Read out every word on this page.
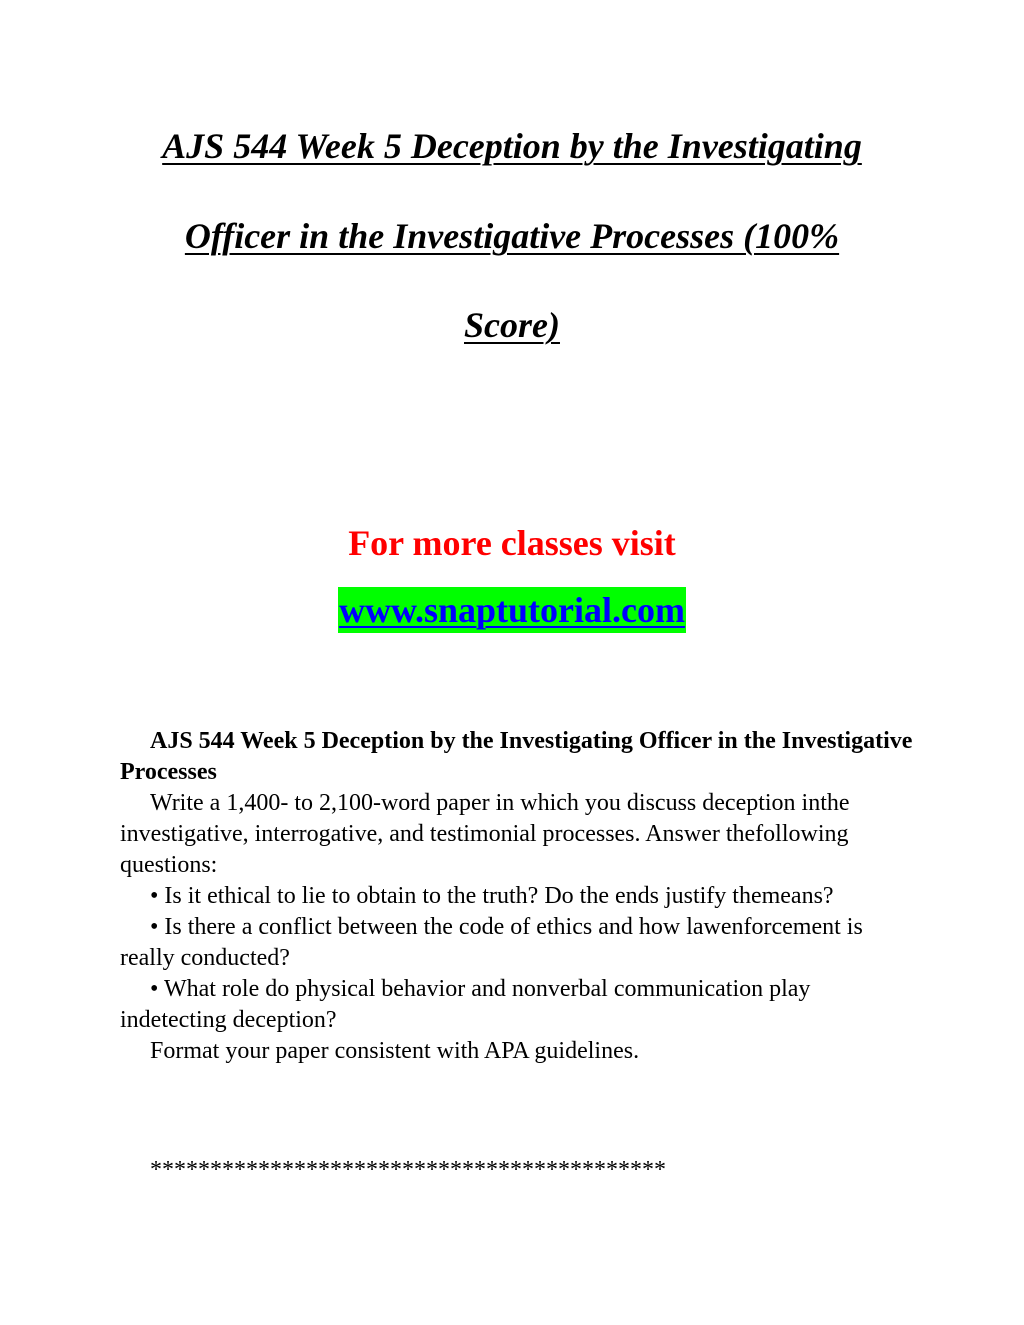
AJS 544 Week 5 Deception by the Investigating
Officer in the Investigative Processes (100%
Score)
For more classes visit
www.snaptutorial.com

AJS 544 Week 5 Deception by the Investigating Officer in the Investigative Processes

Write a 1,400- to 2,100-word paper in which you discuss deception inthe investigative, interrogative, and testimonial processes. Answer thefollowing questions:

• Is it ethical to lie to obtain to the truth? Do the ends justify themeans?

• Is there a conflict between the code of ethics and how lawenforcement is really conducted?

• What role do physical behavior and nonverbal communication play indetecting deception?

Format your paper consistent with APA guidelines.

*******************************************
